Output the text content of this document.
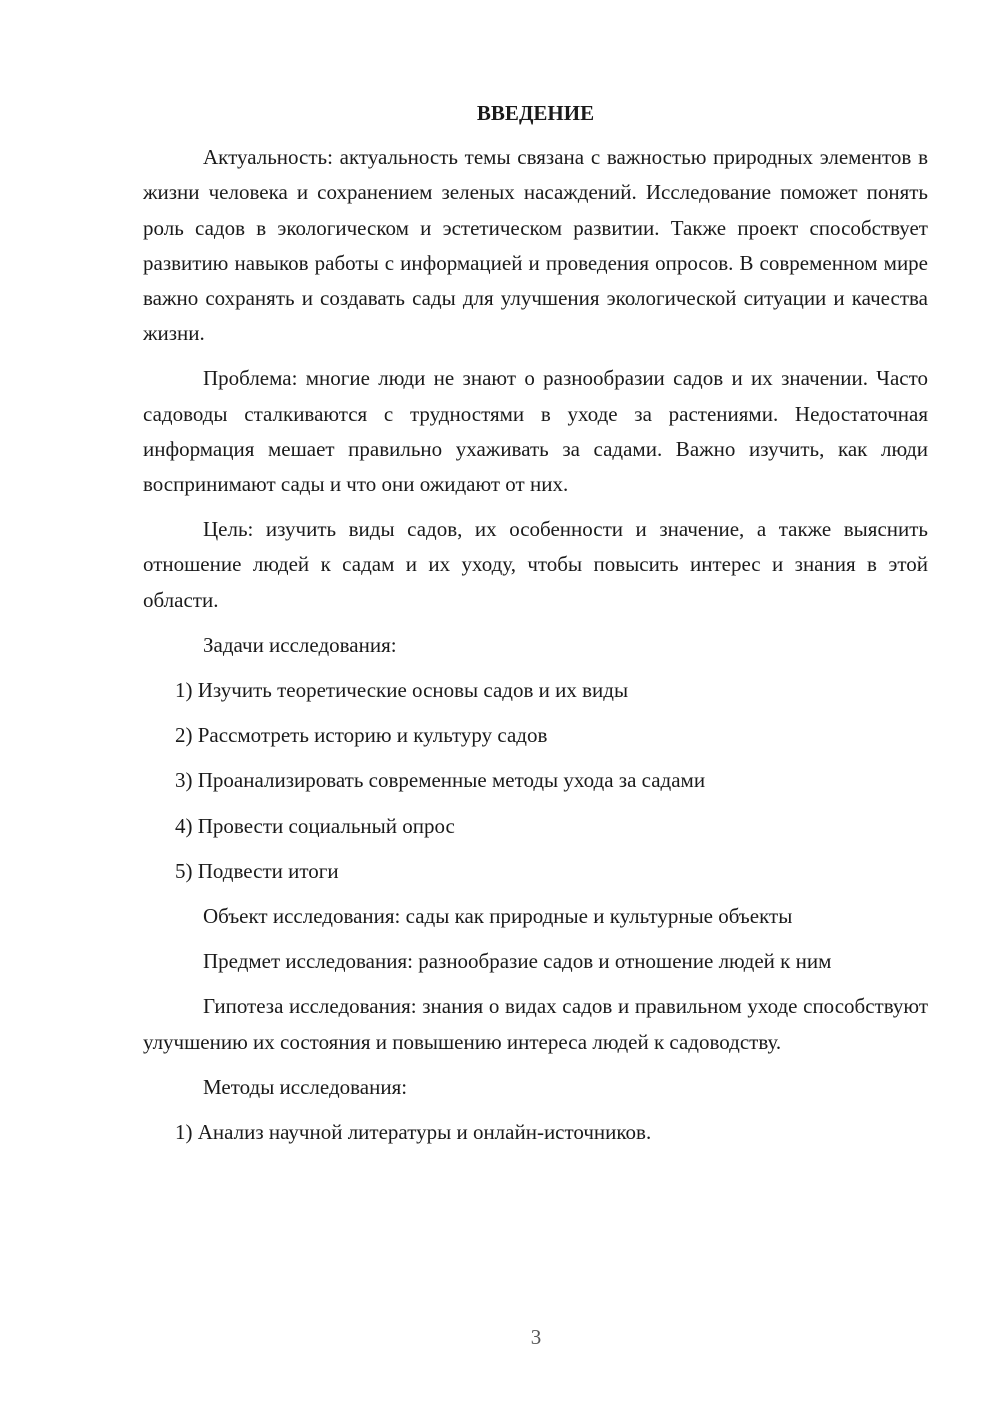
ВВЕДЕНИЕ

Актуальность: актуальность темы связана с важностью природных элементов в жизни человека и сохранением зеленых насаждений. Исследование поможет понять роль садов в экологическом и эстетическом развитии. Также проект способствует развитию навыков работы с информацией и проведения опросов. В современном мире важно сохранять и создавать сады для улучшения экологической ситуации и качества жизни.

Проблема: многие люди не знают о разнообразии садов и их значении. Часто садоводы сталкиваются с трудностями в уходе за растениями. Недостаточная информация мешает правильно ухаживать за садами. Важно изучить, как люди воспринимают сады и что они ожидают от них.

Цель: изучить виды садов, их особенности и значение, а также выяснить отношение людей к садам и их уходу, чтобы повысить интерес и знания в этой области.

Задачи исследования:

1) Изучить теоретические основы садов и их виды

2) Рассмотреть историю и культуру садов

3) Проанализировать современные методы ухода за садами

4) Провести социальный опрос

5) Подвести итоги

Объект исследования: сады как природные и культурные объекты

Предмет исследования: разнообразие садов и отношение людей к ним

Гипотеза исследования: знания о видах садов и правильном уходе способствуют улучшению их состояния и повышению интереса людей к садоводству.

Методы исследования:

1) Анализ научной литературы и онлайн-источников.

3
